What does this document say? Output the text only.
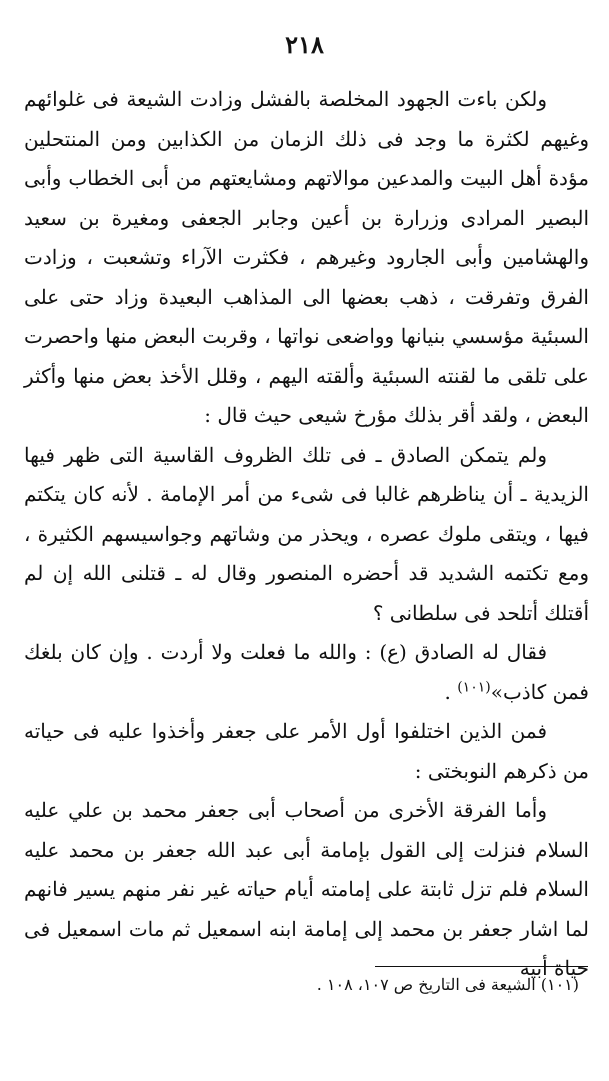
٢١٨

ولكن باءت الجهود المخلصة بالفشل وزادت الشيعة فى غلوائهم وغيهم لكثرة ما وجد فى ذلك الزمان من الكذابين ومن المنتحلين مؤدة أهل البيت والمدعين موالاتهم ومشايعتهم من أبى الخطاب وأبى البصير المرادى وزرارة بن أعين وجابر الجعفى ومغيرة بن سعيد والهشامين وأبى الجارود وغيرهم ، فكثرت الآراء وتشعبت ، وزادت الفرق وتفرقت ، ذهب بعضها الى المذاهب البعيدة وزاد حتى على السبئية مؤسسي بنيانها وواضعى نواتها ، وقربت البعض منها واحصرت على تلقى ما لقنته السبئية وألقته اليهم ، وقلل الأخذ بعض منها وأكثر البعض ، ولقد أقر بذلك مؤرخ شيعى حيث قال :

ولم يتمكن الصادق ـ فى تلك الظروف القاسية التى ظهر فيها الزيدية ـ أن يناظرهم غالبا فى شىء من أمر الإمامة . لأنه كان يتكتم فيها ، ويتقى ملوك عصره ، ويحذر من وشاتهم وجواسيسهم الكثيرة ، ومع تكتمه الشديد قد أحضره المنصور وقال له ـ قتلنى الله إن لم أقتلك أتلحد فى سلطانى ؟

فقال له الصادق (ع) : والله ما فعلت ولا أردت . وإن كان بلغك فمن كاذب»$^{(١٠١)}$ .

فمن الذين اختلفوا أول الأمر على جعفر وأخذوا عليه فى حياته من ذكرهم النوبختى :

وأما الفرقة الأخرى من أصحاب أبى جعفر محمد بن علي عليه السلام فنزلت إلى القول بإمامة أبى عبد الله جعفر بن محمد عليه السلام فلم تزل ثابتة على إمامته أيام حياته غير نفر منهم يسير فانهم لما اشار جعفر بن محمد إلى إمامة ابنه اسمعيل ثم مات اسمعيل فى حياة أبيه

(١٠١) الشيعة فى التاريخ ص ١٠٧، ١٠٨ .
